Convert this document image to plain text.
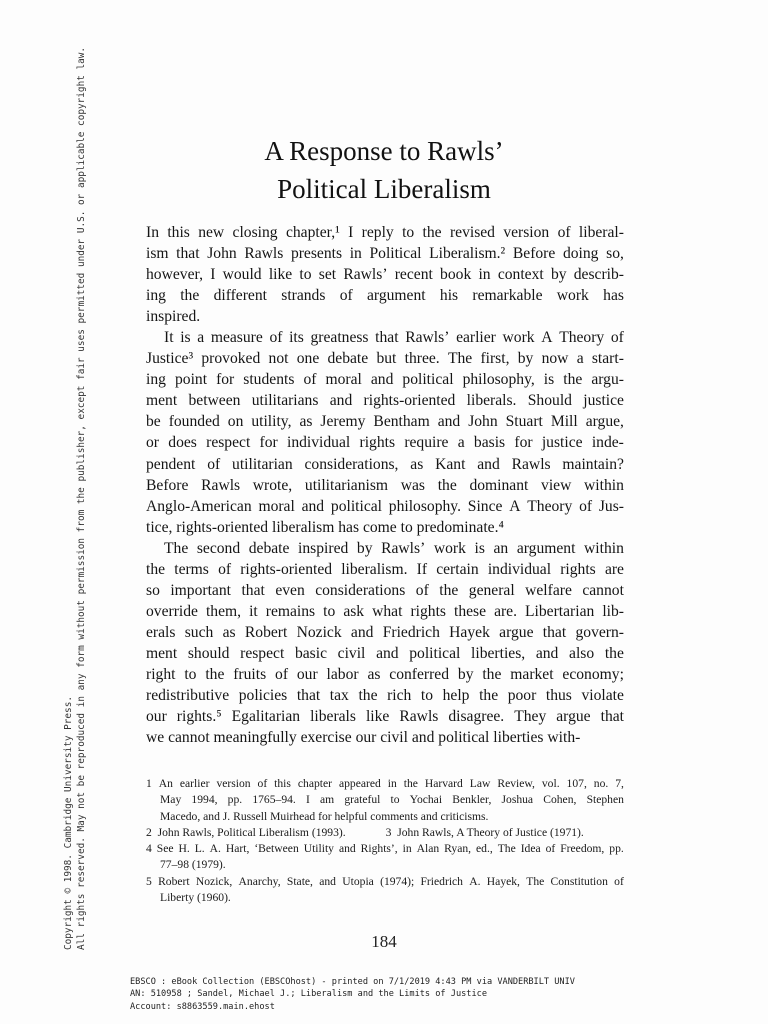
Copyright © 1998. Cambridge University Press. All rights reserved. May not be reproduced in any form without permission from the publisher, except fair uses permitted under U.S. or applicable copyright law.	A Response to Rawls’
Political Liberalism
In this new closing chapter,¹ I reply to the revised version of liberal-
ism that John Rawls presents in Political Liberalism.² Before doing so,
however, I would like to set Rawls’ recent book in context by describ-
ing the different strands of argument his remarkable work has
inspired.
It is a measure of its greatness that Rawls’ earlier work A Theory of
Justice³ provoked not one debate but three. The first, by now a start-
ing point for students of moral and political philosophy, is the argu-
ment between utilitarians and rights-oriented liberals. Should justice
be founded on utility, as Jeremy Bentham and John Stuart Mill argue,
or does respect for individual rights require a basis for justice inde-
pendent of utilitarian considerations, as Kant and Rawls maintain?
Before Rawls wrote, utilitarianism was the dominant view within
Anglo-American moral and political philosophy. Since A Theory of Jus-
tice, rights-oriented liberalism has come to predominate.⁴
The second debate inspired by Rawls’ work is an argument within
the terms of rights-oriented liberalism. If certain individual rights are
so important that even considerations of the general welfare cannot
override them, it remains to ask what rights these are. Libertarian lib-
erals such as Robert Nozick and Friedrich Hayek argue that govern-
ment should respect basic civil and political liberties, and also the
right to the fruits of our labor as conferred by the market economy;
redistributive policies that tax the rich to help the poor thus violate
our rights.⁵ Egalitarian liberals like Rawls disagree. They argue that
we cannot meaningfully exercise our civil and political liberties with-
1 An earlier version of this chapter appeared in the Harvard Law Review, vol. 107, no. 7,
May 1994, pp. 1765–94. I am grateful to Yochai Benkler, Joshua Cohen, Stephen
Macedo, and J. Russell Muirhead for helpful comments and criticisms.
2  John Rawls, Political Liberalism (1993).	3  John Rawls, A Theory of Justice (1971).
4 See H. L. A. Hart, ‘Between Utility and Rights’, in Alan Ryan, ed., The Idea of Freedom, pp.
77–98 (1979).
5 Robert Nozick, Anarchy, State, and Utopia (1974); Friedrich A. Hayek, The Constitution of
Liberty (1960).
184
EBSCO : eBook Collection (EBSCOhost) - printed on 7/1/2019 4:43 PM via VANDERBILT UNIV
AN: 510958 ; Sandel, Michael J.; Liberalism and the Limits of Justice
Account: s8863559.main.ehost
